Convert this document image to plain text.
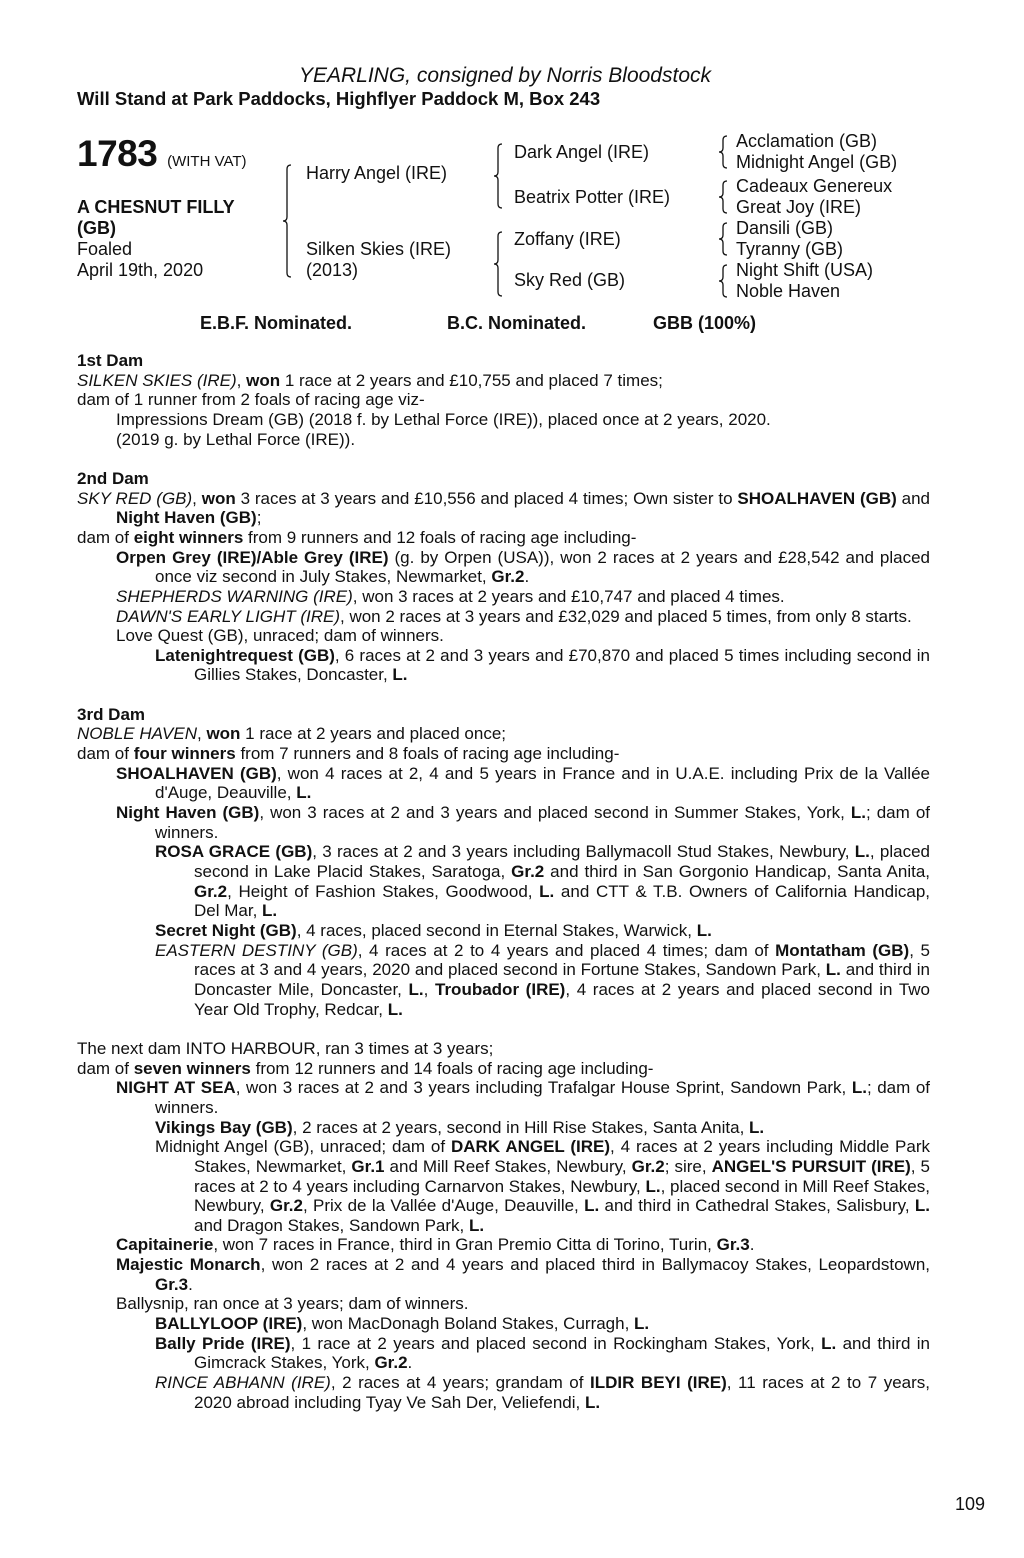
YEARLING, consigned by Norris Bloodstock
Will Stand at Park Paddocks, Highflyer Paddock M, Box 243
1783 (WITH VAT)
A CHESNUT FILLY
(GB)
Foaled
April 19th, 2020
Harry Angel (IRE)
Silken Skies (IRE)
(2013)
Dark Angel (IRE)
Beatrix Potter (IRE)
Zoffany (IRE)
Sky Red (GB)
Acclamation (GB)
Midnight Angel (GB)
Cadeaux Genereux
Great Joy (IRE)
Dansili (GB)
Tyranny (GB)
Night Shift (USA)
Noble Haven
E.B.F. Nominated.	B.C. Nominated.	GBB (100%)
1st Dam
SILKEN SKIES (IRE), won 1 race at 2 years and £10,755 and placed 7 times;
dam of 1 runner from 2 foals of racing age viz-
Impressions Dream (GB) (2018 f. by Lethal Force (IRE)), placed once at 2 years, 2020.
(2019 g. by Lethal Force (IRE)).
2nd Dam
SKY RED (GB), won 3 races at 3 years and £10,556 and placed 4 times; Own sister to SHOALHAVEN (GB) and Night Haven (GB);
dam of eight winners from 9 runners and 12 foals of racing age including-
Orpen Grey (IRE)/Able Grey (IRE) (g. by Orpen (USA)), won 2 races at 2 years and £28,542 and placed once viz second in July Stakes, Newmarket, Gr.2.
SHEPHERDS WARNING (IRE), won 3 races at 2 years and £10,747 and placed 4 times.
DAWN'S EARLY LIGHT (IRE), won 2 races at 3 years and £32,029 and placed 5 times, from only 8 starts.
Love Quest (GB), unraced; dam of winners.
Latenightrequest (GB), 6 races at 2 and 3 years and £70,870 and placed 5 times including second in Gillies Stakes, Doncaster, L.
3rd Dam
NOBLE HAVEN, won 1 race at 2 years and placed once;
dam of four winners from 7 runners and 8 foals of racing age including-
SHOALHAVEN (GB), won 4 races at 2, 4 and 5 years in France and in U.A.E. including Prix de la Vallée d'Auge, Deauville, L.
Night Haven (GB), won 3 races at 2 and 3 years and placed second in Summer Stakes, York, L.; dam of winners.
ROSA GRACE (GB), 3 races at 2 and 3 years including Ballymacoll Stud Stakes, Newbury, L., placed second in Lake Placid Stakes, Saratoga, Gr.2 and third in San Gorgonio Handicap, Santa Anita, Gr.2, Height of Fashion Stakes, Goodwood, L. and CTT & T.B. Owners of California Handicap, Del Mar, L.
Secret Night (GB), 4 races, placed second in Eternal Stakes, Warwick, L.
EASTERN DESTINY (GB), 4 races at 2 to 4 years and placed 4 times; dam of Montatham (GB), 5 races at 3 and 4 years, 2020 and placed second in Fortune Stakes, Sandown Park, L. and third in Doncaster Mile, Doncaster, L., Troubador (IRE), 4 races at 2 years and placed second in Two Year Old Trophy, Redcar, L.
The next dam INTO HARBOUR, ran 3 times at 3 years;
dam of seven winners from 12 runners and 14 foals of racing age including-
NIGHT AT SEA, won 3 races at 2 and 3 years including Trafalgar House Sprint, Sandown Park, L.; dam of winners.
Vikings Bay (GB), 2 races at 2 years, second in Hill Rise Stakes, Santa Anita, L.
Midnight Angel (GB), unraced; dam of DARK ANGEL (IRE), 4 races at 2 years including Middle Park Stakes, Newmarket, Gr.1 and Mill Reef Stakes, Newbury, Gr.2; sire, ANGEL'S PURSUIT (IRE), 5 races at 2 to 4 years including Carnarvon Stakes, Newbury, L., placed second in Mill Reef Stakes, Newbury, Gr.2, Prix de la Vallée d'Auge, Deauville, L. and third in Cathedral Stakes, Salisbury, L. and Dragon Stakes, Sandown Park, L.
Capitainerie, won 7 races in France, third in Gran Premio Citta di Torino, Turin, Gr.3.
Majestic Monarch, won 2 races at 2 and 4 years and placed third in Ballymacoy Stakes, Leopardstown, Gr.3.
Ballysnip, ran once at 3 years; dam of winners.
BALLYLOOP (IRE), won MacDonagh Boland Stakes, Curragh, L.
Bally Pride (IRE), 1 race at 2 years and placed second in Rockingham Stakes, York, L. and third in Gimcrack Stakes, York, Gr.2.
RINCE ABHANN (IRE), 2 races at 4 years; grandam of ILDIR BEYI (IRE), 11 races at 2 to 7 years, 2020 abroad including Tyay Ve Sah Der, Veliefendi, L.
109
